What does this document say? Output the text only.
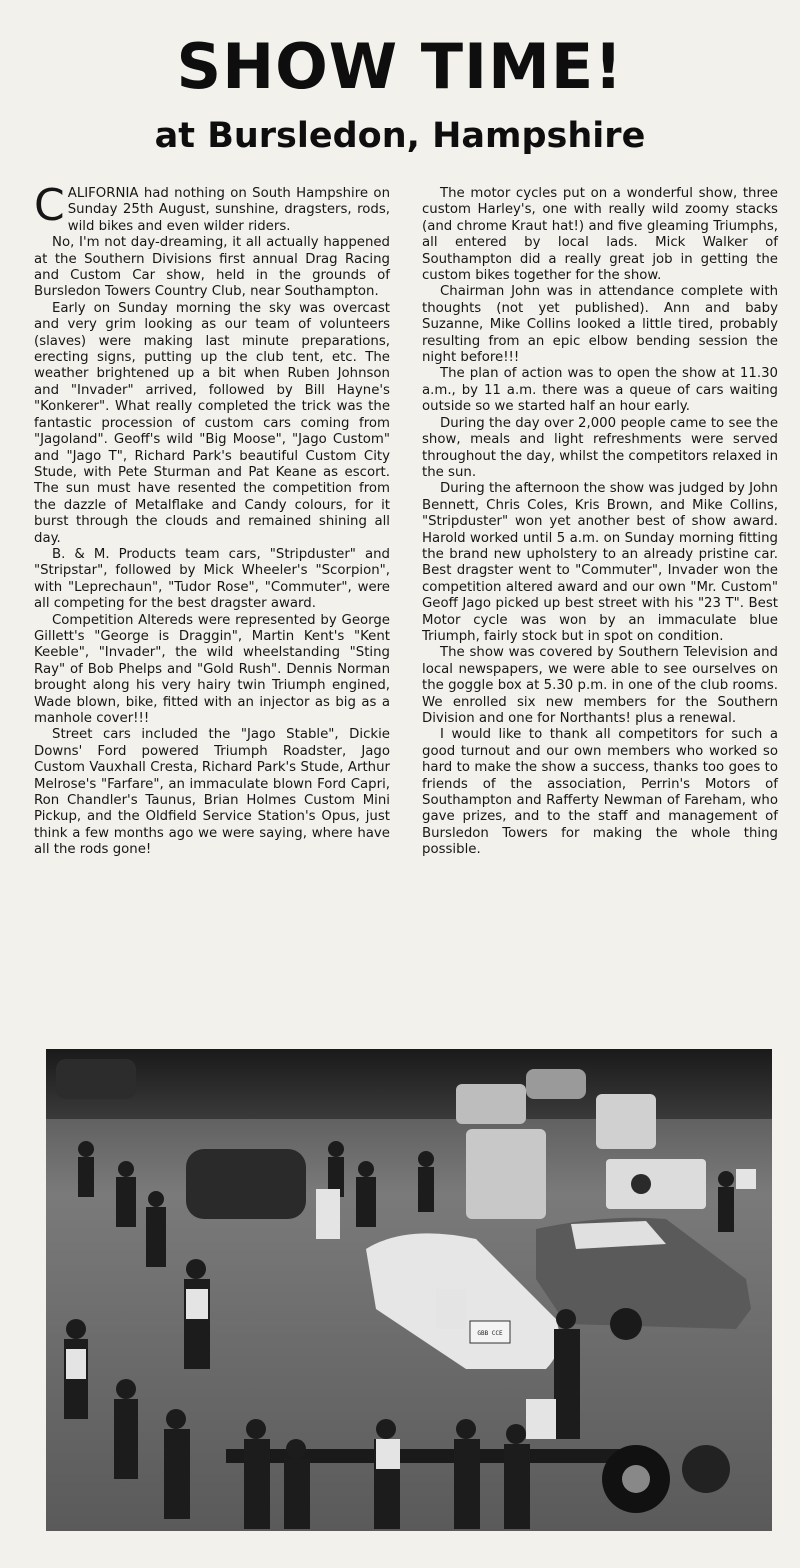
SHOW TIME!
at Bursledon, Hampshire

CALIFORNIA had nothing on South Hampshire on Sunday 25th August, sunshine, dragsters, rods, wild bikes and even wilder riders.

No, I'm not day-dreaming, it all actually happened at the Southern Divisions first annual Drag Racing and Custom Car show, held in the grounds of Bursledon Towers Country Club, near Southampton.

Early on Sunday morning the sky was overcast and very grim looking as our team of volunteers (slaves) were making last minute preparations, erecting signs, putting up the club tent, etc. The weather brightened up a bit when Ruben Johnson and "Invader" arrived, followed by Bill Hayne's "Konkerer". What really completed the trick was the fantastic procession of custom cars coming from "Jagoland". Geoff's wild "Big Moose", "Jago Custom" and "Jago T", Richard Park's beautiful Custom City Stude, with Pete Sturman and Pat Keane as escort. The sun must have resented the competition from the dazzle of Metalflake and Candy colours, for it burst through the clouds and remained shining all day.

B. & M. Products team cars, "Stripduster" and "Stripstar", followed by Mick Wheeler's "Scorpion", with "Leprechaun", "Tudor Rose", "Commuter", were all competing for the best dragster award.

Competition Altereds were represented by George Gillett's "George is Draggin", Martin Kent's "Kent Keeble", "Invader", the wild wheelstanding "Sting Ray" of Bob Phelps and "Gold Rush". Dennis Norman brought along his very hairy twin Triumph engined, Wade blown, bike, fitted with an injector as big as a manhole cover!!!

Street cars included the "Jago Stable", Dickie Downs' Ford powered Triumph Roadster, Jago Custom Vauxhall Cresta, Richard Park's Stude, Arthur Melrose's "Farfare", an immaculate blown Ford Capri, Ron Chandler's Taunus, Brian Holmes Custom Mini Pickup, and the Oldfield Service Station's Opus, just think a few months ago we were saying, where have all the rods gone!

The motor cycles put on a wonderful show, three custom Harley's, one with really wild zoomy stacks (and chrome Kraut hat!) and five gleaming Triumphs, all entered by local lads. Mick Walker of Southampton did a really great job in getting the custom bikes together for the show.

Chairman John was in attendance complete with thoughts (not yet published). Ann and baby Suzanne, Mike Collins looked a little tired, probably resulting from an epic elbow bending session the night before!!!

The plan of action was to open the show at 11.30 a.m., by 11 a.m. there was a queue of cars waiting outside so we started half an hour early.

During the day over 2,000 people came to see the show, meals and light refreshments were served throughout the day, whilst the competitors relaxed in the sun.

During the afternoon the show was judged by John Bennett, Chris Coles, Kris Brown, and Mike Collins, "Stripduster" won yet another best of show award. Harold worked until 5 a.m. on Sunday morning fitting the brand new upholstery to an already pristine car. Best dragster went to "Commuter", Invader won the competition altered award and our own "Mr. Custom" Geoff Jago picked up best street with his "23 T". Best Motor cycle was won by an immaculate blue Triumph, fairly stock but in spot on condition.

The show was covered by Southern Television and local newspapers, we were able to see ourselves on the goggle box at 5.30 p.m. in one of the club rooms. We enrolled six new members for the Southern Division and one for Northants! plus a renewal.

I would like to thank all competitors for such a good turnout and our own members who worked so hard to make the show a success, thanks too goes to friends of the association, Perrin's Motors of Southampton and Rafferty Newman of Fareham, who gave prizes, and to the staff and management of Bursledon Towers for making the whole thing possible.

GBB CCE
